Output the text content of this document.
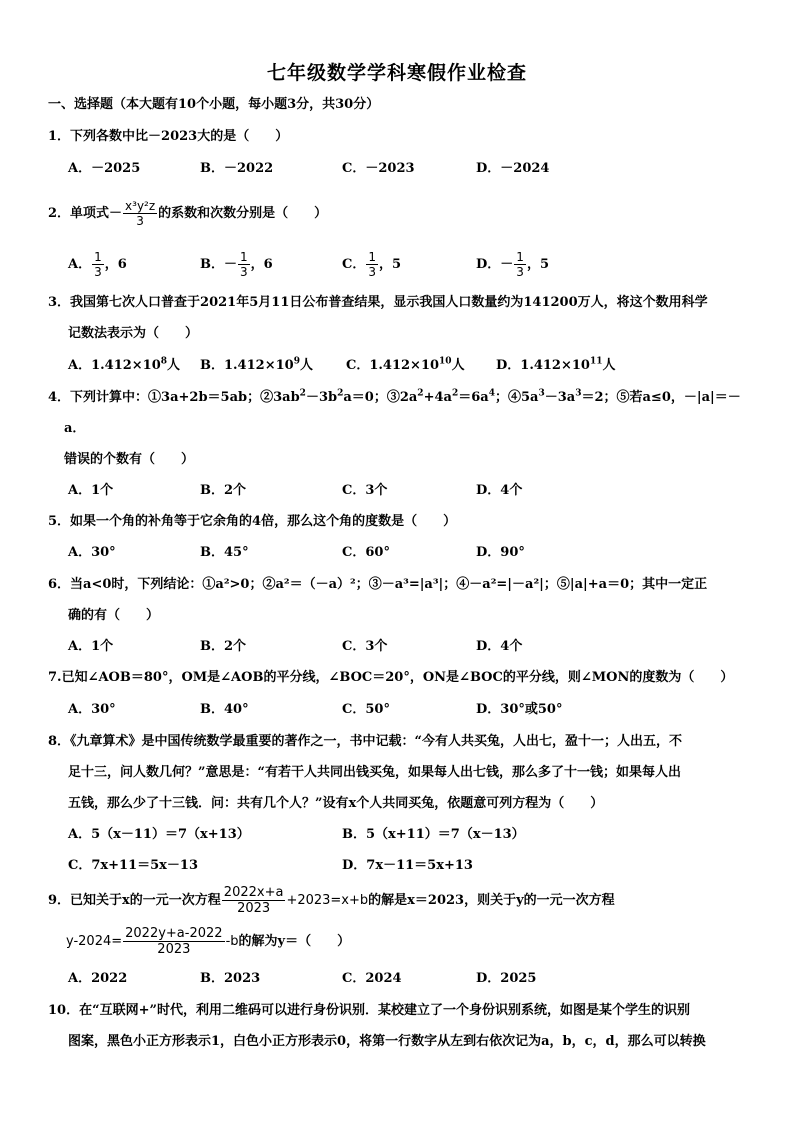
七年级数学学科寒假作业检查
一、选择题（本大题有10个小题，每小题3分，共30分）
1．下列各数中比－2023大的是（　　）
A．－2025	B．－2022	C．－2023	D．－2024
2．单项式－ $\frac{\text{x³y²z}}{3}$ 的系数和次数分别是（　　）
A． $\frac{1}{3}$ ，6	B．－ $\frac{1}{3}$ ，6	C． $\frac{1}{3}$ ，5	D．－ $\frac{1}{3}$ ，5
3．我国第七次人口普查于2021年5月11日公布普查结果，显示我国人口数量约为141200万人，将这个数用科学
记数法表示为（　　）
A．$1.412\times 10^8$人 B．$1.412\times 10^9$人	C．$1.412\times 10^{10}$人 D．$1.412\times 10^{11}$人
4．下列计算中：①3a+2b＝5ab；$②3ab^2-3b^2a=0$；$③2a^2+4a^2=6a^4$；$④5a^3-3a^3=2$；⑤若a≤0，－|a|＝－
a．
错误的个数有（　　）
A．1个	B．2个	C．3个	D．4个
5．如果一个角的补角等于它余角的4倍，那么这个角的度数是（　　）
A．30°	B．45°	C．60°	D．90°
6．当a<0时，下列结论：①a²>0；②a²＝（－a）²；③－a³=|a³|；④－a²=|－a²|；⑤|a|+a＝0；其中一定正
确的有（　　）
A．1个	B．2个	C．3个	D．4个
7.已知∠AOB＝80°，OM是∠AOB的平分线，∠BOC＝20°，ON是∠BOC的平分线，则∠MON的度数为（　　）
A．30°	B．40°	C．50°	D．30°或50°
8．《九章算术》是中国传统数学最重要的著作之一，书中记载：“今有人共买兔，人出七，盈十一；人出五，不
足十三，问人数几何？”意思是：“有若干人共同出钱买兔，如果每人出七钱，那么多了十一钱；如果每人出
五钱，那么少了十三钱．问：共有几个人？”设有x个人共同买兔，依题意可列方程为（　　）
A．5（x－11）＝7（x+13）	B．5（x+11）＝7（x－13）
C．7x+11＝5x－13	D．7x－11＝5x+13
9．已知关于x的一元一次方程 $\frac{2022x+a}{2023} +2023=x+b$的解是x＝2023，则关于y的一元一次方程
$y-2024= \frac{2022y+a-2022}{2023} -b$的解为y＝（　　）
A．2022	B．2023	C．2024	D．2025
10．在“互联网+”时代，利用二维码可以进行身份识别．某校建立了一个身份识别系统，如图是某个学生的识别
图案，黑色小正方形表示1，白色小正方形表示0，将第一行数字从左到右依次记为a，b，c，d，那么可以转换
